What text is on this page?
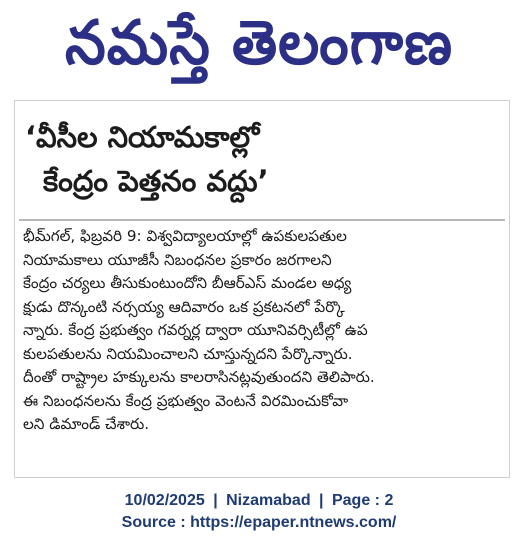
నమస్తే తెలంగాణ
‘వీసీల నియామకాల్లో
కేంద్రం పెత్తనం వద్దు’
భీమ్‌గల్, ఫిబ్రవరి 9: విశ్వవిద్యాలయాల్లో ఉపకులపతుల
నియామకాలు యూజీసీ నిబంధనల ప్రకారం జరగాలని
కేంద్రం చర్యలు తీసుకుంటుందోని బీఆర్‌ఎస్ మండల అధ్య
క్షుడు దొన్కంటి నర్సయ్య ఆదివారం ఒక ప్రకటనలో పేర్కొ
న్నారు. కేంద్ర ప్రభుత్వం గవర్నర్ల ద్వారా యూనివర్సిటీల్లో ఉప
కులపతులను నియమించాలని చూస్తున్నదని పేర్కొన్నారు.
దీంతో రాష్ట్రాల హక్కులను కాలరాసినట్లవుతుందని తెలిపారు.
ఈ నిబంధనలను కేంద్ర ప్రభుత్వం వెంటనే విరమించుకోవా
లని డిమాండ్ చేశారు.
10/02/2025 | Nizamabad | Page : 2
Source : https://epaper.ntnews.com/
